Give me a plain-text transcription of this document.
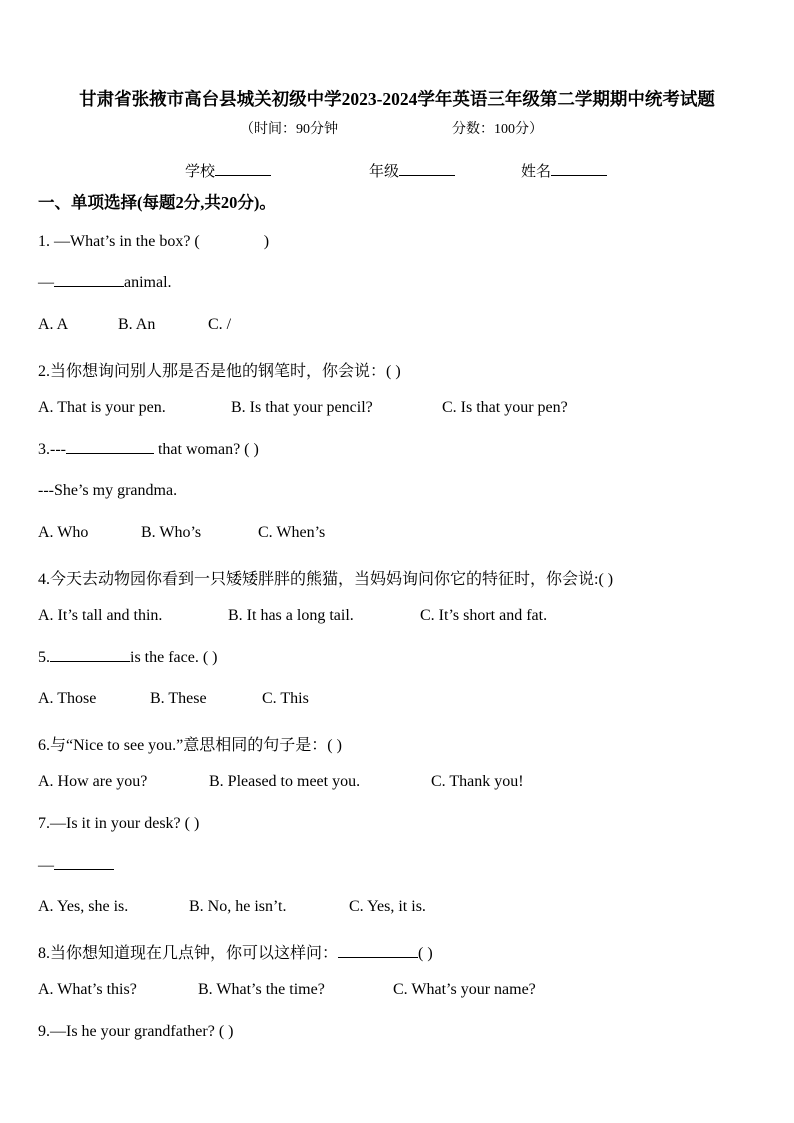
甘肃省张掖市高台县城关初级中学2023-2024学年英语三年级第二学期期中统考试题
（时间：90分钟	分数：100分）
学校	年级	姓名
一、单项选择(每题2分,共20分)。
1. —What’s in the box? (	)
—	animal.
A. A	B. An	C. /
2.当你想询问别人那是否是他的钢笔时，你会说：( )
A. That is your pen.	B. Is that your pencil?	C. Is that your pen?
3.---	that woman? ( )
---She’s my grandma.
A. Who	B. Who’s	C. When’s
4.今天去动物园你看到一只矮矮胖胖的熊猫，当妈妈询问你它的特征时，你会说:( )
A. It’s tall and thin.	B. It has a long tail.	C. It’s short and fat.
5.	is the face. ( )
A. Those	B. These	C. This
6.与“Nice to see you.”意思相同的句子是：( )
A. How are you?	B. Pleased to meet you.	C. Thank you!
7.—Is it in your desk? ( )
—
A. Yes, she is.	B. No, he isn’t.	C. Yes, it is.
8.当你想知道现在几点钟，你可以这样问：	( )
A. What’s this?	B. What’s the time?	C. What’s your name?
9.—Is he your grandfather? ( )
